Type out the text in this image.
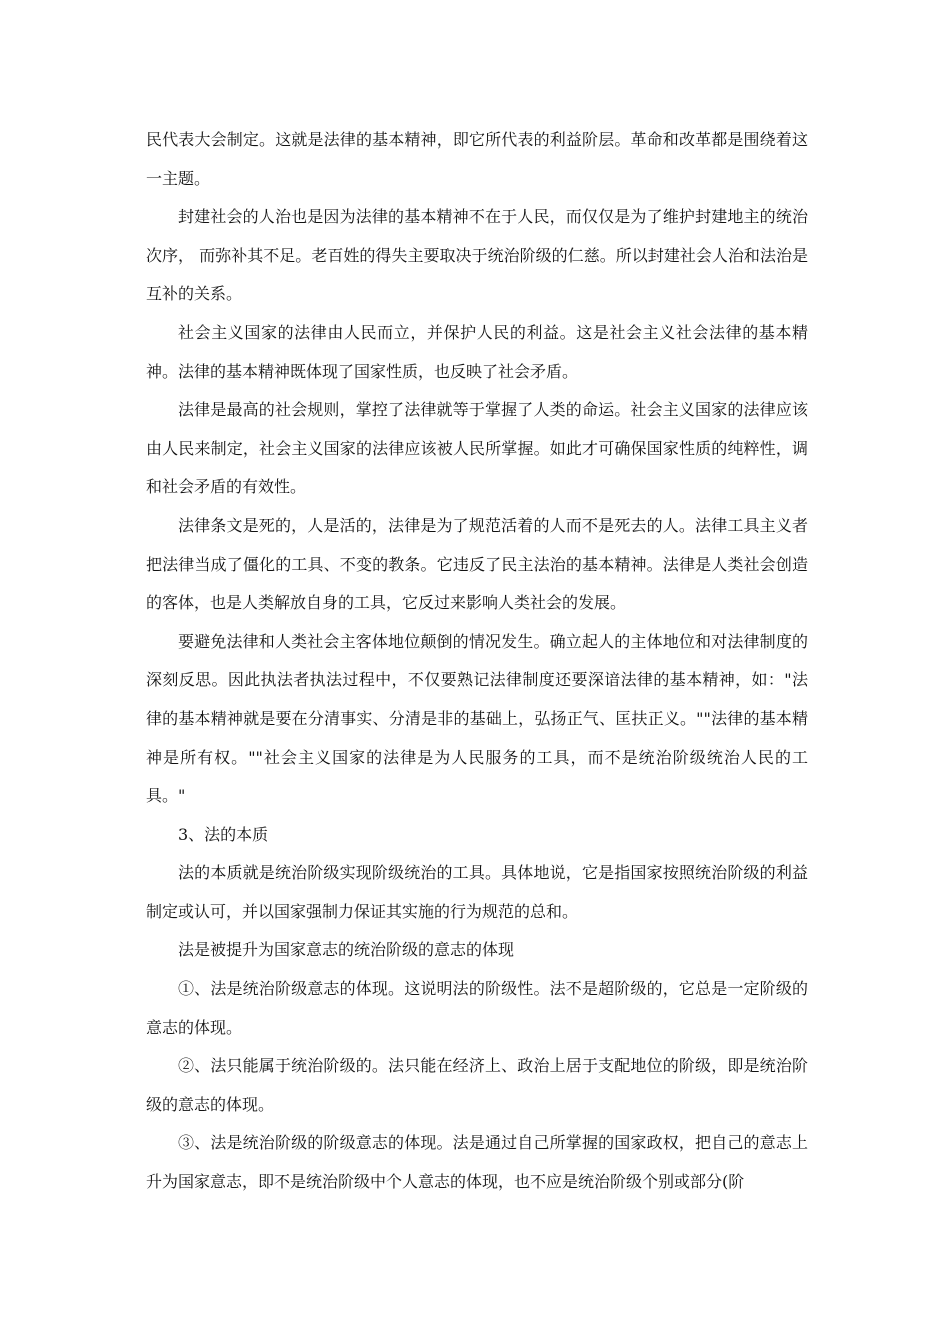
民代表大会制定。这就是法律的基本精神，即它所代表的利益阶层。革命和改革都是围绕着这一主题。

封建社会的人治也是因为法律的基本精神不在于人民，而仅仅是为了维护封建地主的统治次序， 而弥补其不足。老百姓的得失主要取决于统治阶级的仁慈。所以封建社会人治和法治是互补的关系。

社会主义国家的法律由人民而立，并保护人民的利益。这是社会主义社会法律的基本精神。法律的基本精神既体现了国家性质，也反映了社会矛盾。

法律是最高的社会规则，掌控了法律就等于掌握了人类的命运。社会主义国家的法律应该由人民来制定，社会主义国家的法律应该被人民所掌握。如此才可确保国家性质的纯粹性，调和社会矛盾的有效性。

法律条文是死的，人是活的，法律是为了规范活着的人而不是死去的人。法律工具主义者把法律当成了僵化的工具、不变的教条。它违反了民主法治的基本精神。法律是人类社会创造的客体，也是人类解放自身的工具，它反过来影响人类社会的发展。

要避免法律和人类社会主客体地位颠倒的情况发生。确立起人的主体地位和对法律制度的深刻反思。因此执法者执法过程中，不仅要熟记法律制度还要深谙法律的基本精神，如："法律的基本精神就是要在分清事实、分清是非的基础上，弘扬正气、匡扶正义。""法律的基本精神是所有权。""社会主义国家的法律是为人民服务的工具，而不是统治阶级统治人民的工具。"

3、法的本质

法的本质就是统治阶级实现阶级统治的工具。具体地说，它是指国家按照统治阶级的利益制定或认可，并以国家强制力保证其实施的行为规范的总和。

法是被提升为国家意志的统治阶级的意志的体现

①、法是统治阶级意志的体现。这说明法的阶级性。法不是超阶级的，它总是一定阶级的意志的体现。

②、法只能属于统治阶级的。法只能在经济上、政治上居于支配地位的阶级，即是统治阶级的意志的体现。

③、法是统治阶级的阶级意志的体现。法是通过自己所掌握的国家政权，把自己的意志上升为国家意志，即不是统治阶级中个人意志的体现，也不应是统治阶级个别或部分(阶
